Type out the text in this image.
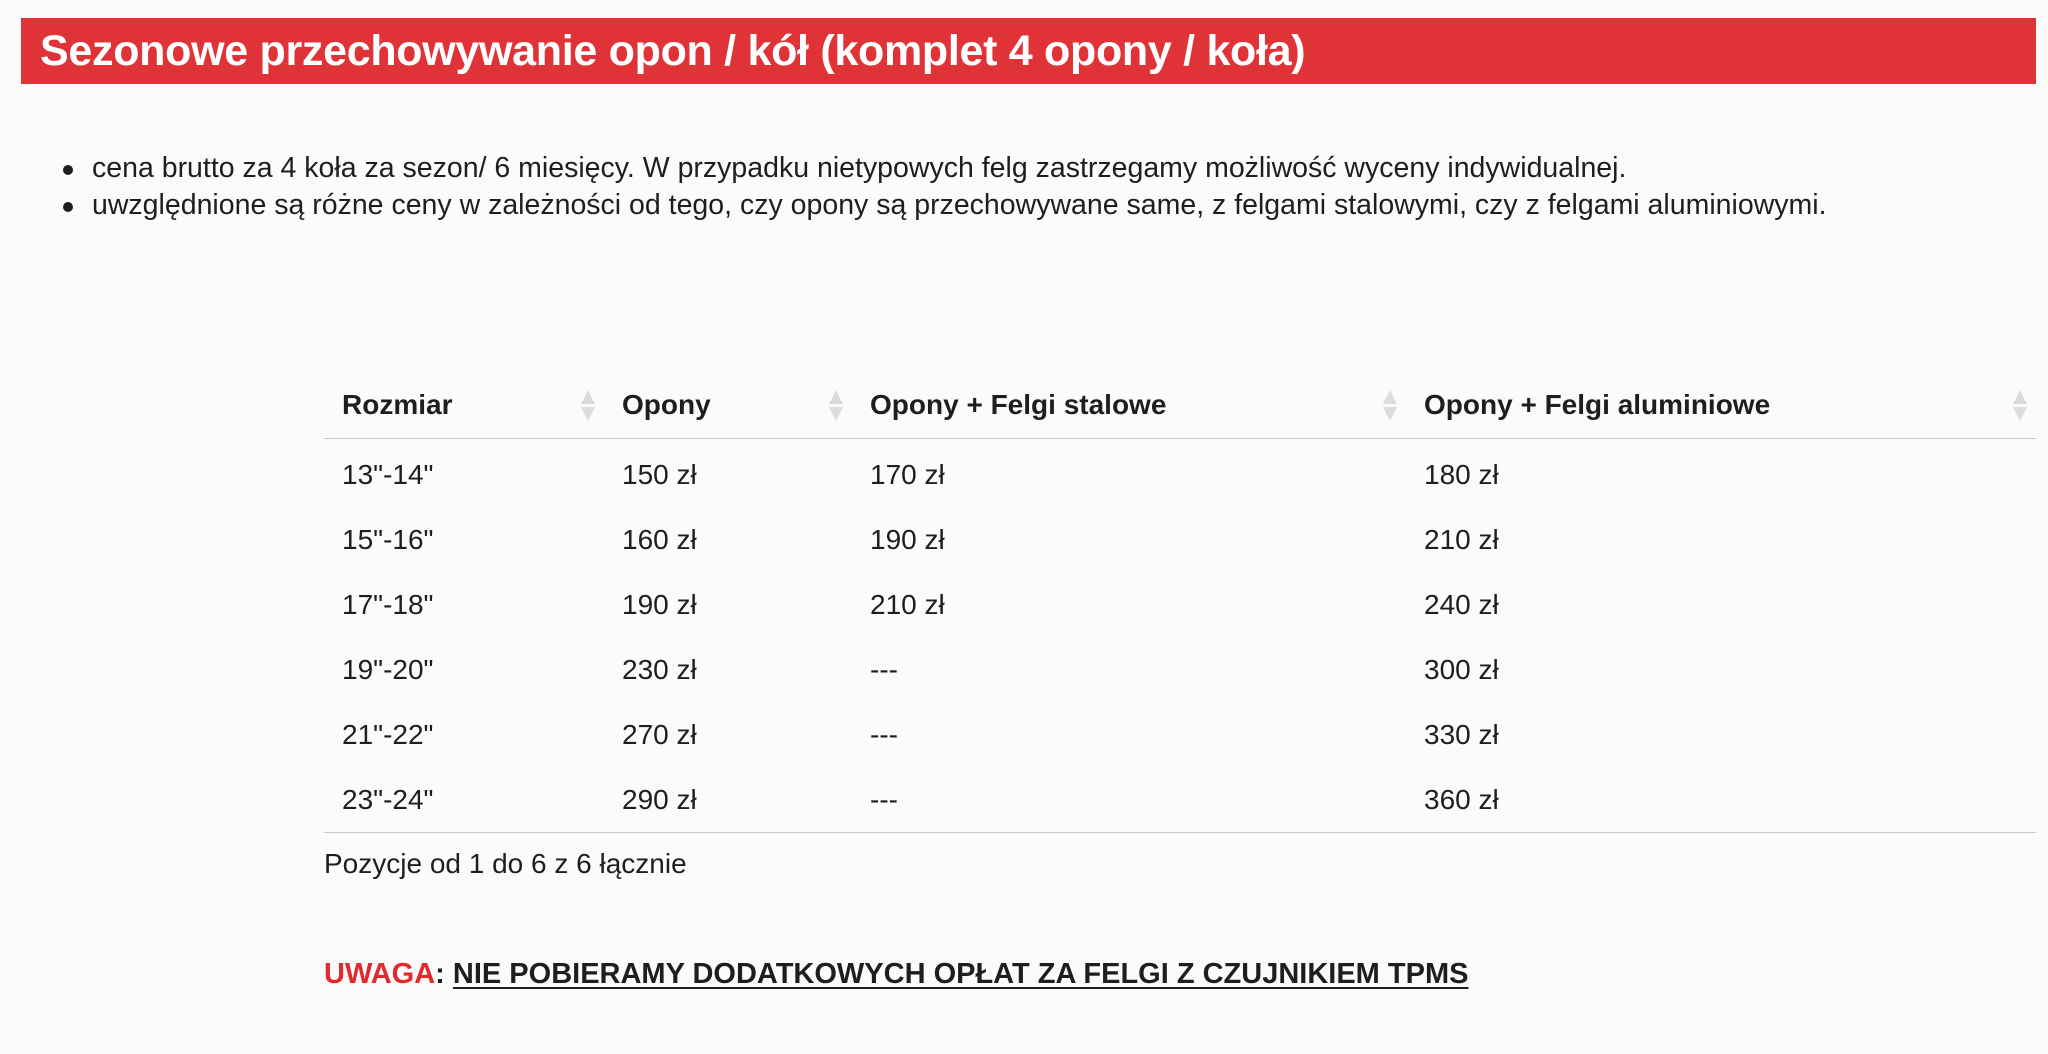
Sezonowe przechowywanie opon / kół (komplet 4 opony / koła)
cena brutto za 4 koła za sezon/ 6 miesięcy. W przypadku nietypowych felg zastrzegamy możliwość wyceny indywidualnej.
uwzględnione są różne ceny w zależności od tego, czy opony są przechowywane same, z felgami stalowymi, czy z felgami aluminiowymi.
Rozmiar	Opony	Opony + Felgi stalowe	Opony + Felgi aluminiowe

13"-14"	150 zł	170 zł	180 zł
15"-16"	160 zł	190 zł	210 zł
17"-18"	190 zł	210 zł	240 zł
19"-20"	230 zł	---	300 zł
21"-22"	270 zł	---	330 zł
23"-24"	290 zł	---	360 zł
Pozycje od 1 do 6 z 6 łącznie
UWAGA: NIE POBIERAMY DODATKOWYCH OPŁAT ZA FELGI Z CZUJNIKIEM TPMS
